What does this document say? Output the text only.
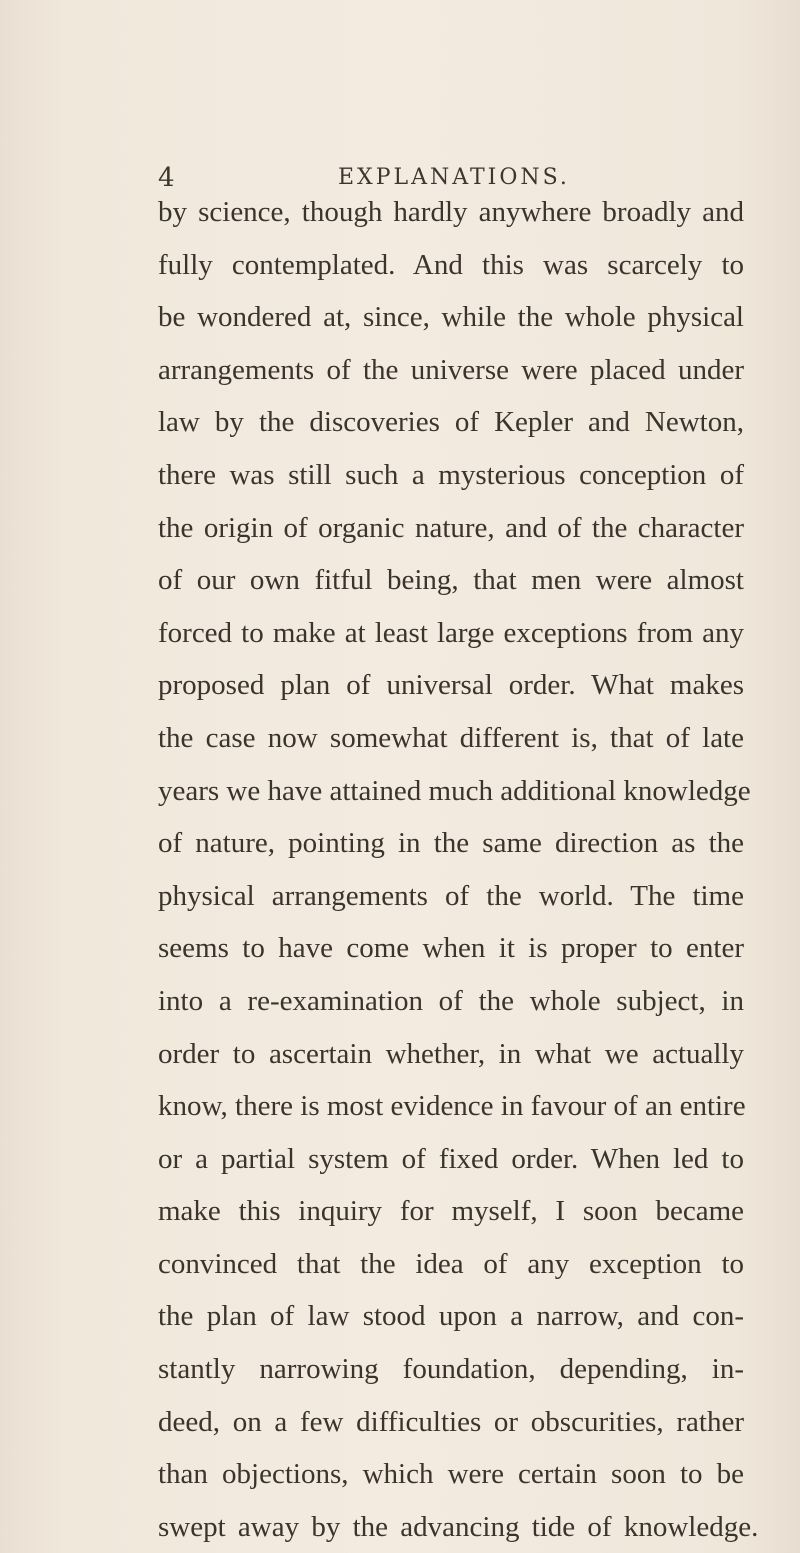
4	EXPLANATIONS.
by science, though hardly anywhere broadly and
fully contemplated. And this was scarcely to
be wondered at, since, while the whole physical
arrangements of the universe were placed under
law by the discoveries of Kepler and Newton,
there was still such a mysterious conception of
the origin of organic nature, and of the character
of our own fitful being, that men were almost
forced to make at least large exceptions from any
proposed plan of universal order. What makes
the case now somewhat different is, that of late
years we have attained much additional knowledge
of nature, pointing in the same direction as the
physical arrangements of the world. The time
seems to have come when it is proper to enter
into a re-examination of the whole subject, in
order to ascertain whether, in what we actually
know, there is most evidence in favour of an entire
or a partial system of fixed order. When led to
make this inquiry for myself, I soon became
convinced that the idea of any exception to
the plan of law stood upon a narrow, and con-
stantly narrowing foundation, depending, in-
deed, on a few difficulties or obscurities, rather
than objections, which were certain soon to be
swept away by the advancing tide of knowledge.
